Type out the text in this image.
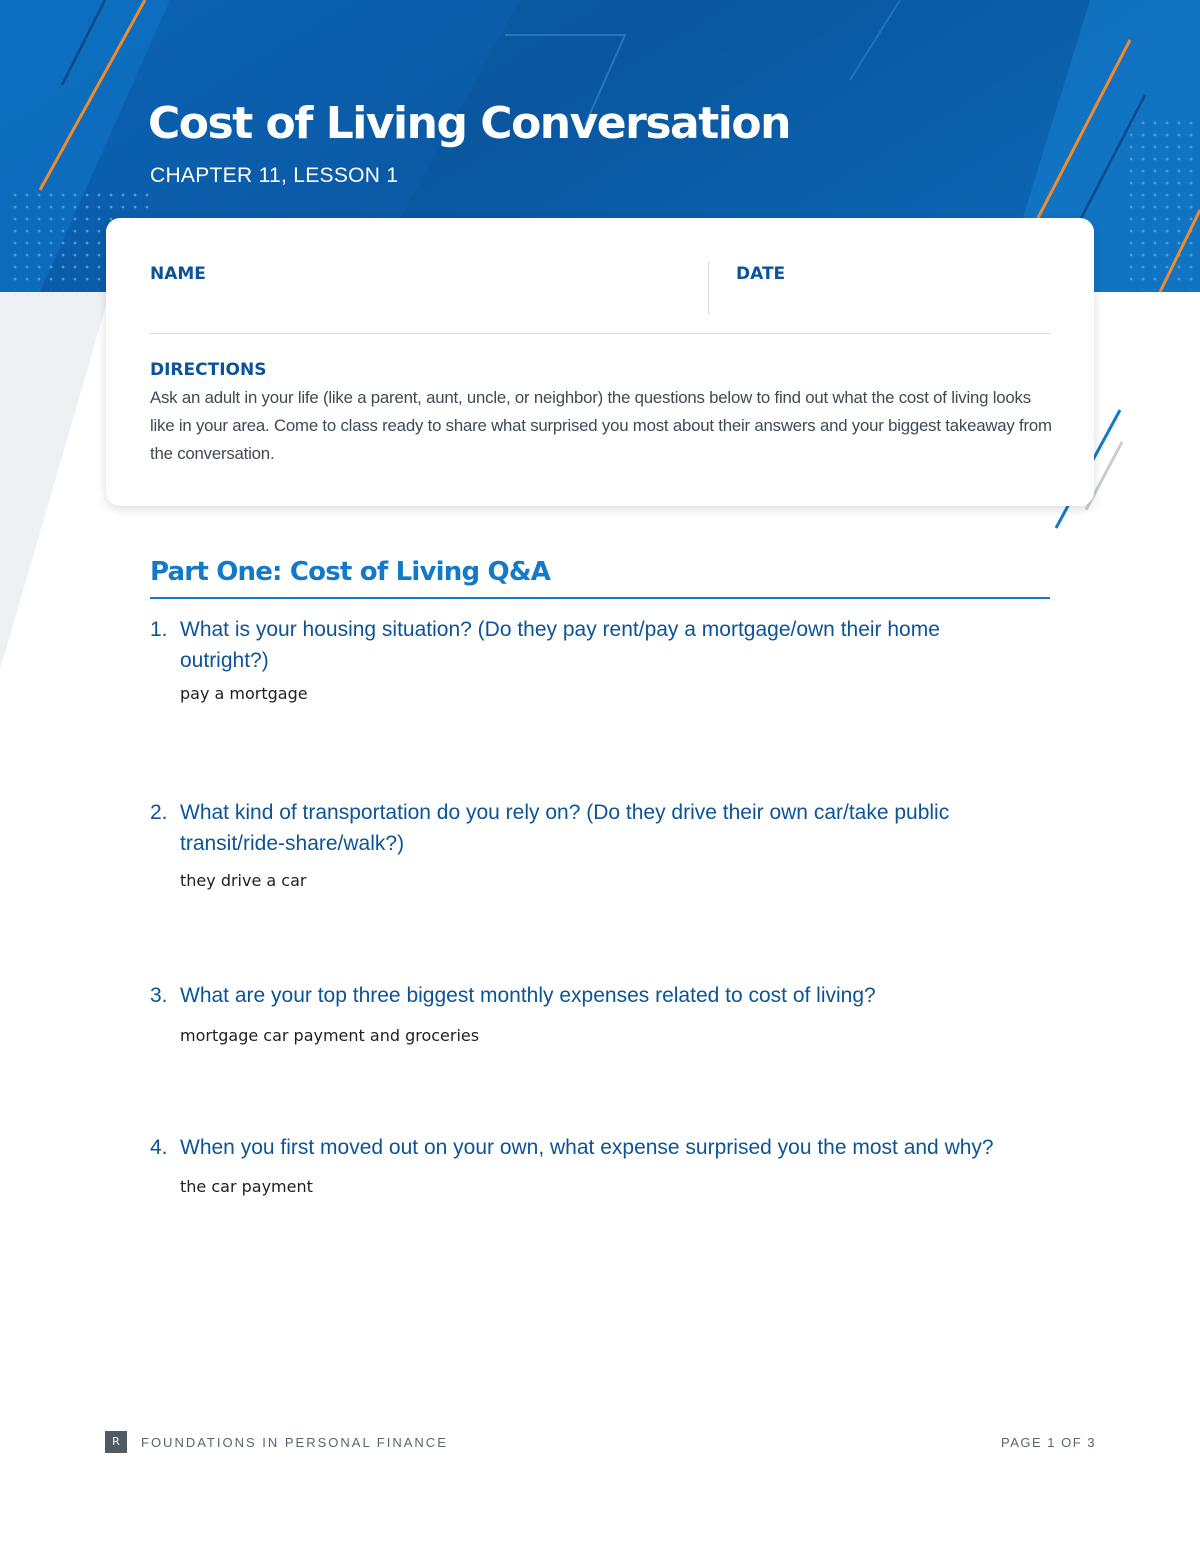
Cost of Living Conversation
CHAPTER 11, LESSON 1
NAME	DATE
DIRECTIONS

Ask an adult in your life (like a parent, aunt, uncle, or neighbor) the questions below to find out what the cost of living looks like in your area. Come to class ready to share what surprised you most about their answers and your biggest takeaway from the conversation.

Part One: Cost of Living Q&A
1. What is your housing situation? (Do they pay rent/pay a mortgage/own their home outright?)

pay a mortgage
2. What kind of transportation do you rely on? (Do they drive their own car/take public transit/ride-share/walk?)

they drive a car
3. What are your top three biggest monthly expenses related to cost of living?

mortgage car payment and groceries
4. When you first moved out on your own, what expense surprised you the most and why?

the car payment
R	FOUNDATIONS IN PERSONAL FINANCE	PAGE 1 OF 3
